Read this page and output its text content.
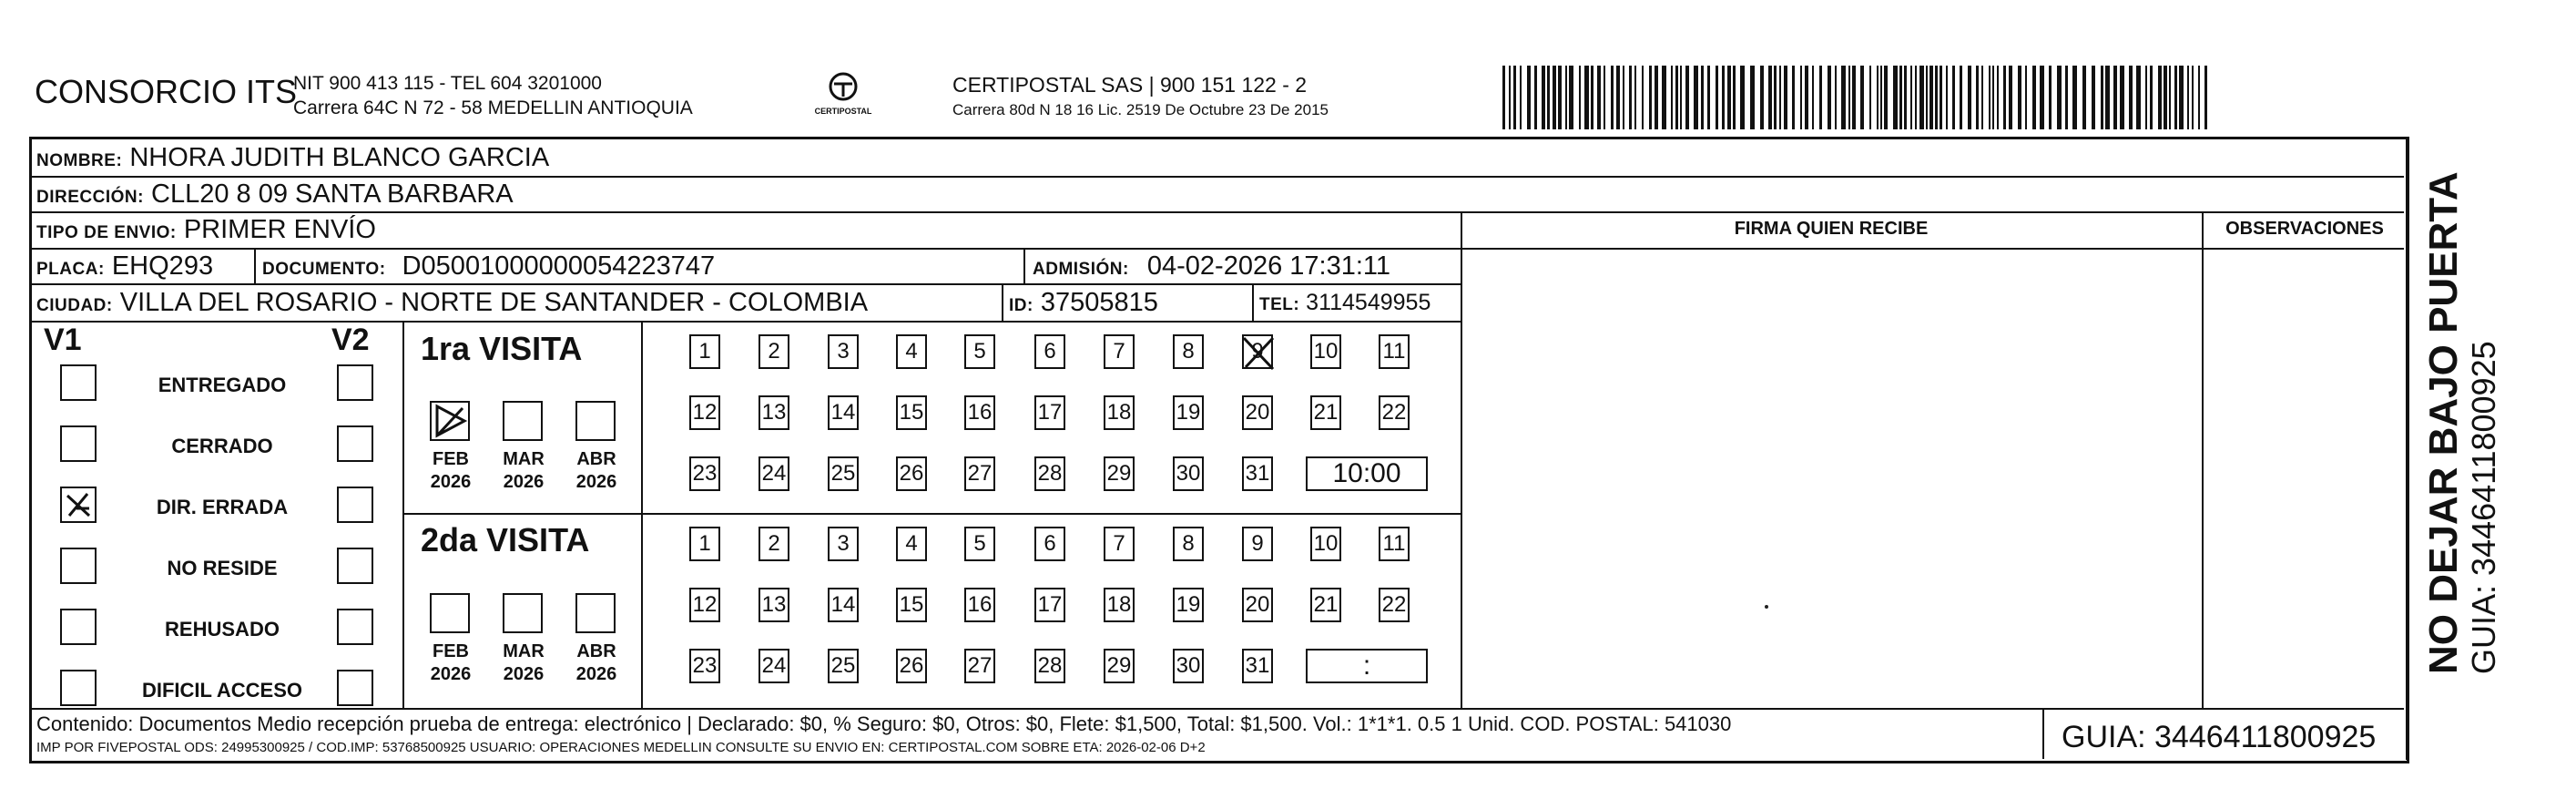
CONSORCIO ITS
NIT 900 413 115 - TEL 604 3201000
Carrera 64C N 72 - 58 MEDELLIN ANTIOQUIA	CERTIPOSTAL
CERTIPOSTAL SAS | 900 151 122 - 2
Carrera 80d N 18 16 Lic. 2519 De Octubre 23 De 2015
NOMBRE: NHORA JUDITH BLANCO GARCIA
DIRECCIÓN: CLL20 8 09 SANTA BARBARA
TIPO DE ENVIO: PRIMER ENVÍO	FIRMA QUIEN RECIBE	OBSERVACIONES
PLACA: EHQ293	DOCUMENTO: D05001000000054223747	ADMISIÓN: 04-02-2026 17:31:11
CIUDAD: VILLA DEL ROSARIO - NORTE DE SANTANDER - COLOMBIA	ID: 37505815	TEL: 3114549955
V1	V2
ENTREGADO
CERRADO
DIR. ERRADA
NO RESIDE
REHUSADO
DIFICIL ACCESO
1ra VISITA
2da VISITA
FEB
2026
MAR
2026
ABR
2026
1	2	3	4	5	6	7	8	9	10 11
12 13 14 15 16 17 18 19 20 21 22
23 24 25 26 27 28 29 30 31	10:00
FEB
2026
MAR
2026
ABR
2026
1	2	3	4	5	6	7	8	9	10 11
12 13 14 15 16 17 18 19 20 21 22
23 24 25 26 27 28 29 30 31	:
Contenido: Documentos Medio recepción prueba de entrega: electrónico | Declarado: $0, % Seguro: $0, Otros: $0, Flete: $1,500, Total: $1,500. Vol.: 1*1*1. 0.5 1 Unid. COD. POSTAL: 541030
IMP POR FIVEPOSTAL ODS: 24995300925 / COD.IMP: 53768500925 USUARIO: OPERACIONES MEDELLIN CONSULTE SU ENVIO EN: CERTIPOSTAL.COM SOBRE ETA: 2026-02-06 D+2	GUIA: 3446411800925
NO DEJAR BAJO PUERTA GUIA: 3446411800925
